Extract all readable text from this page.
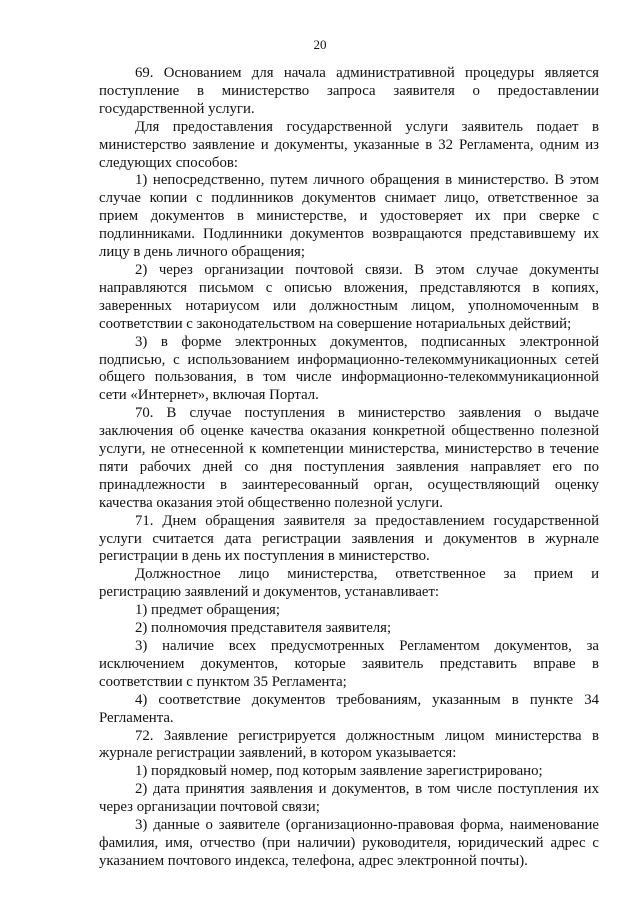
20

69. Основанием для начала административной процедуры является поступление в министерство запроса заявителя о предоставлении государственной услуги.

Для предоставления государственной услуги заявитель подает в министерство заявление и документы, указанные в 32 Регламента, одним из следующих способов:

1) непосредственно, путем личного обращения в министерство. В этом случае копии с подлинников документов снимает лицо, ответственное за прием документов в министерстве, и удостоверяет их при сверке с подлинниками. Подлинники документов возвращаются представившему их лицу в день личного обращения;

2) через организации почтовой связи. В этом случае документы направляются письмом с описью вложения, представляются в копиях, заверенных нотариусом или должностным лицом, уполномоченным в соответствии с законодательством на совершение нотариальных действий;

3) в форме электронных документов, подписанных электронной подписью, с использованием информационно-телекоммуникационных сетей общего пользования, в том числе информационно-телекоммуникационной сети «Интернет», включая Портал.

70. В случае поступления в министерство заявления о выдаче заключения об оценке качества оказания конкретной общественно полезной услуги, не отнесенной к компетенции министерства, министерство в течение пяти рабочих дней со дня поступления заявления направляет его по принадлежности в заинтересованный орган, осуществляющий оценку качества оказания этой общественно полезной услуги.

71. Днем обращения заявителя за предоставлением государственной услуги считается дата регистрации заявления и документов в журнале регистрации в день их поступления в министерство.

Должностное лицо министерства, ответственное за прием и регистрацию заявлений и документов, устанавливает:

1) предмет обращения;

2) полномочия представителя заявителя;

3) наличие всех предусмотренных Регламентом документов, за исключением документов, которые заявитель представить вправе в соответствии с пунктом 35 Регламента;

4) соответствие документов требованиям, указанным в пункте 34 Регламента.

72. Заявление регистрируется должностным лицом министерства в журнале регистрации заявлений, в котором указывается:

1) порядковый номер, под которым заявление зарегистрировано;

2) дата принятия заявления и документов, в том числе поступления их через организации почтовой связи;

3) данные о заявителе (организационно-правовая форма, наименование фамилия, имя, отчество (при наличии) руководителя, юридический адрес с указанием почтового индекса, телефона, адрес электронной почты).
